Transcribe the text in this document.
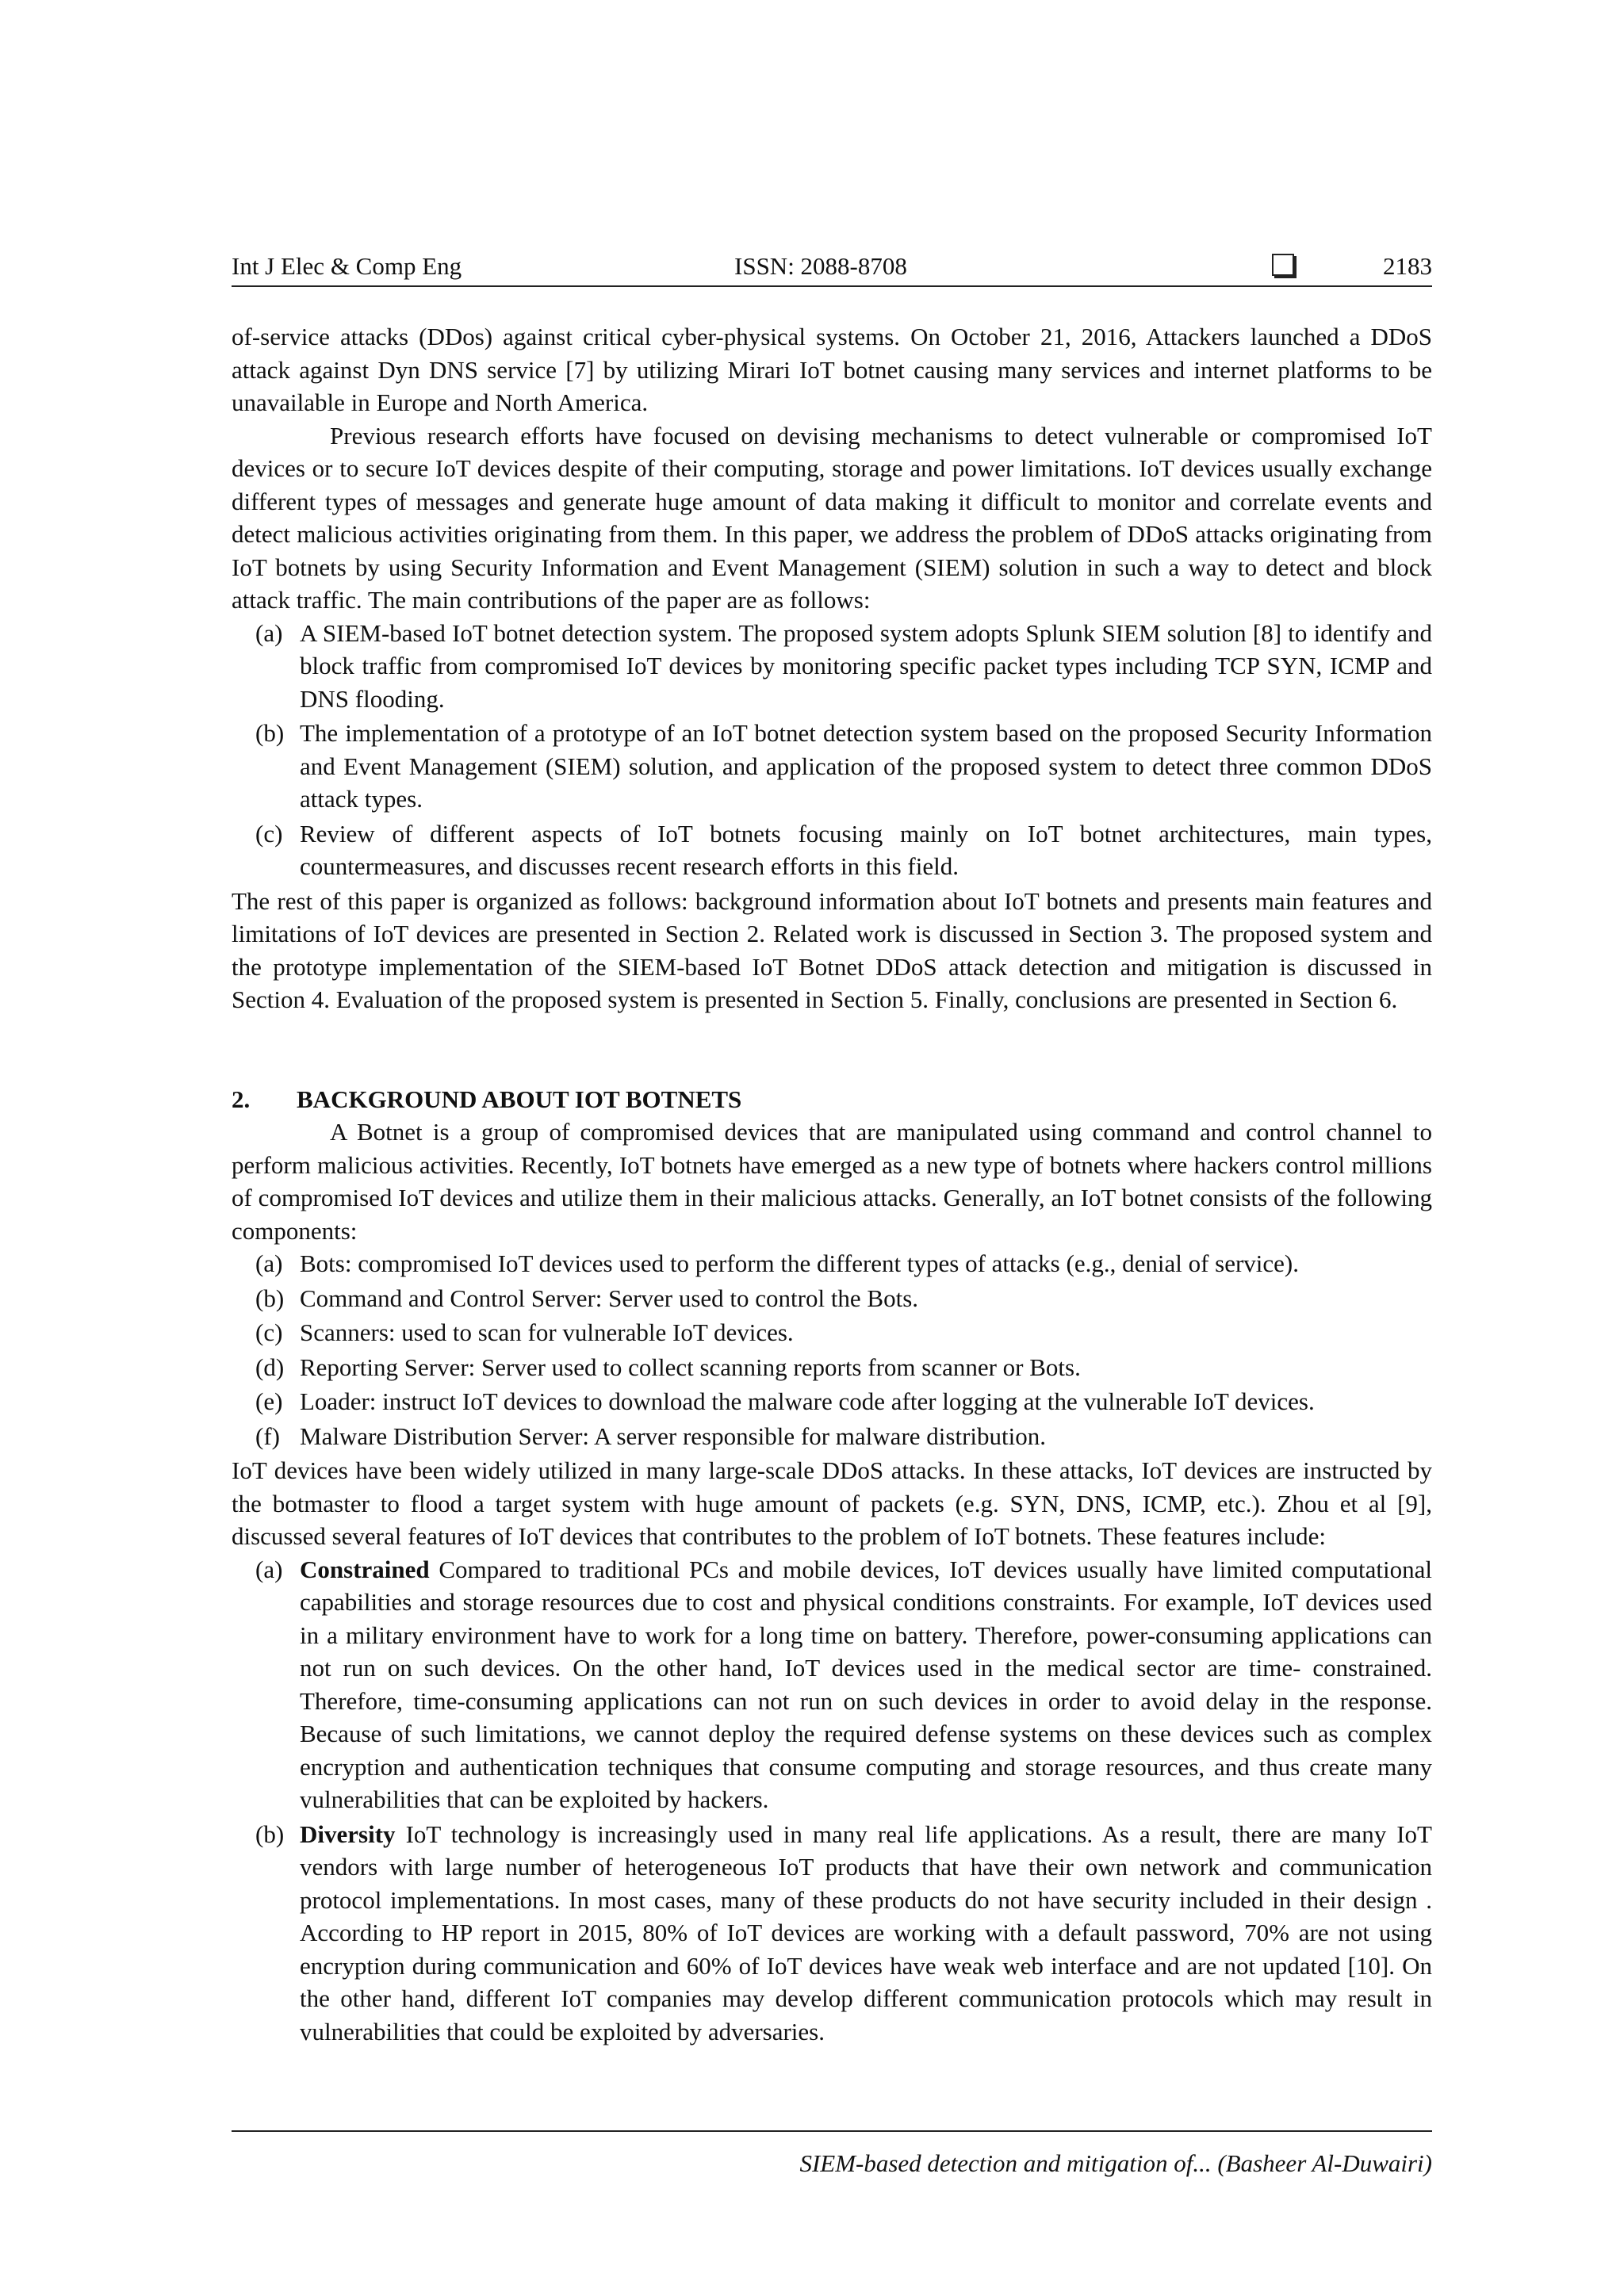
Int J Elec & Comp Eng	ISSN: 2088-8708	2183

of-service attacks (DDos) against critical cyber-physical systems. On October 21, 2016, Attackers launched a DDoS attack against Dyn DNS service [7] by utilizing Mirari IoT botnet causing many services and internet platforms to be unavailable in Europe and North America.

Previous research efforts have focused on devising mechanisms to detect vulnerable or compromised IoT devices or to secure IoT devices despite of their computing, storage and power limitations. IoT devices usually exchange different types of messages and generate huge amount of data making it difficult to monitor and correlate events and detect malicious activities originating from them. In this paper, we address the problem of DDoS attacks originating from IoT botnets by using Security Information and Event Management (SIEM) solution in such a way to detect and block attack traffic. The main contributions of the paper are as follows:

(a) A SIEM-based IoT botnet detection system. The proposed system adopts Splunk SIEM solution [8] to identify and block traffic from compromised IoT devices by monitoring specific packet types including TCP SYN, ICMP and DNS flooding.
(b) The implementation of a prototype of an IoT botnet detection system based on the proposed Security Information and Event Management (SIEM) solution, and application of the proposed system to detect three common DDoS attack types.
(c) Review of different aspects of IoT botnets focusing mainly on IoT botnet architectures, main types, countermeasures, and discusses recent research efforts in this field.

The rest of this paper is organized as follows: background information about IoT botnets and presents main features and limitations of IoT devices are presented in Section 2. Related work is discussed in Section 3. The proposed system and the prototype implementation of the SIEM-based IoT Botnet DDoS attack detection and mitigation is discussed in Section 4. Evaluation of the proposed system is presented in Section 5. Finally, conclusions are presented in Section 6.

2. BACKGROUND ABOUT IOT BOTNETS

A Botnet is a group of compromised devices that are manipulated using command and control channel to perform malicious activities. Recently, IoT botnets have emerged as a new type of botnets where hackers control millions of compromised IoT devices and utilize them in their malicious attacks. Generally, an IoT botnet consists of the following components:

(a) Bots: compromised IoT devices used to perform the different types of attacks (e.g., denial of service).
(b) Command and Control Server: Server used to control the Bots.
(c) Scanners: used to scan for vulnerable IoT devices.
(d) Reporting Server: Server used to collect scanning reports from scanner or Bots.
(e) Loader: instruct IoT devices to download the malware code after logging at the vulnerable IoT devices.
(f) Malware Distribution Server: A server responsible for malware distribution.

IoT devices have been widely utilized in many large-scale DDoS attacks. In these attacks, IoT devices are instructed by the botmaster to flood a target system with huge amount of packets (e.g. SYN, DNS, ICMP, etc.). Zhou et al [9], discussed several features of IoT devices that contributes to the problem of IoT botnets. These features include:

(a) Constrained Compared to traditional PCs and mobile devices, IoT devices usually have limited computational capabilities and storage resources due to cost and physical conditions constraints. For example, IoT devices used in a military environment have to work for a long time on battery. Therefore, power-consuming applications can not run on such devices. On the other hand, IoT devices used in the medical sector are time- constrained. Therefore, time-consuming applications can not run on such devices in order to avoid delay in the response. Because of such limitations, we cannot deploy the required defense systems on these devices such as complex encryption and authentication techniques that consume computing and storage resources, and thus create many vulnerabilities that can be exploited by hackers.
(b) Diversity IoT technology is increasingly used in many real life applications. As a result, there are many IoT vendors with large number of heterogeneous IoT products that have their own network and communication protocol implementations. In most cases, many of these products do not have security included in their design . According to HP report in 2015, 80% of IoT devices are working with a default password, 70% are not using encryption during communication and 60% of IoT devices have weak web interface and are not updated [10]. On the other hand, different IoT companies may develop different communication protocols which may result in vulnerabilities that could be exploited by adversaries.
SIEM-based detection and mitigation of... (Basheer Al-Duwairi)
